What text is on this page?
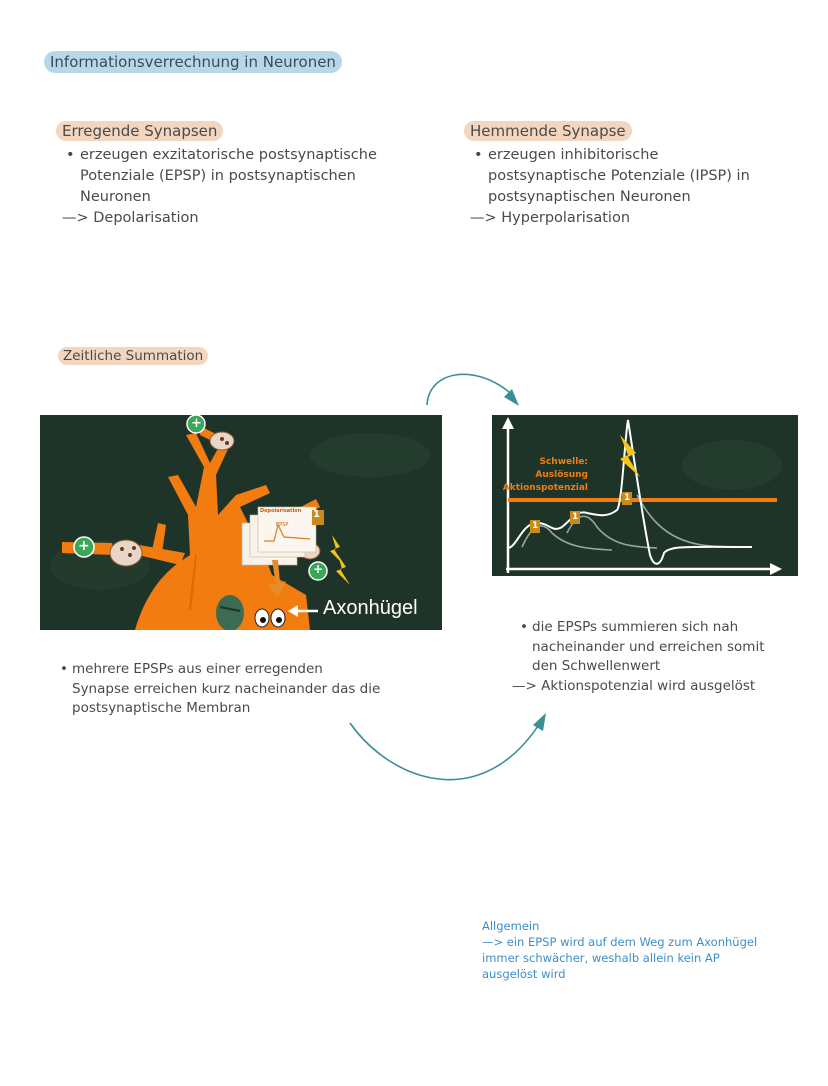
Informationsverrechnung in Neuronen
Erregende Synapsen
• erzeugen exzitatorische postsynaptische
Potenziale (EPSP) in postsynaptischen
Neuronen
—> Depolarisation
Hemmende Synapse
• erzeugen inhibitorische
postsynaptische Potenziale (IPSP) in
postsynaptischen Neuronen
—> Hyperpolarisation
Zeitliche Summation
Depolarisation
EPSP
1
+
+
+
Axonhügel
1
1
1
Schwelle:
Auslösung
Aktionspotenzial
• die EPSPs summieren sich nah
nacheinander und erreichen somit
den Schwellenwert
—> Aktionspotenzial wird ausgelöst
• mehrere EPSPs aus einer erregenden
Synapse erreichen kurz nacheinander das die
postsynaptische Membran
Allgemein
—> ein EPSP wird auf dem Weg zum Axonhügel
immer schwächer, weshalb allein kein AP
ausgelöst wird
